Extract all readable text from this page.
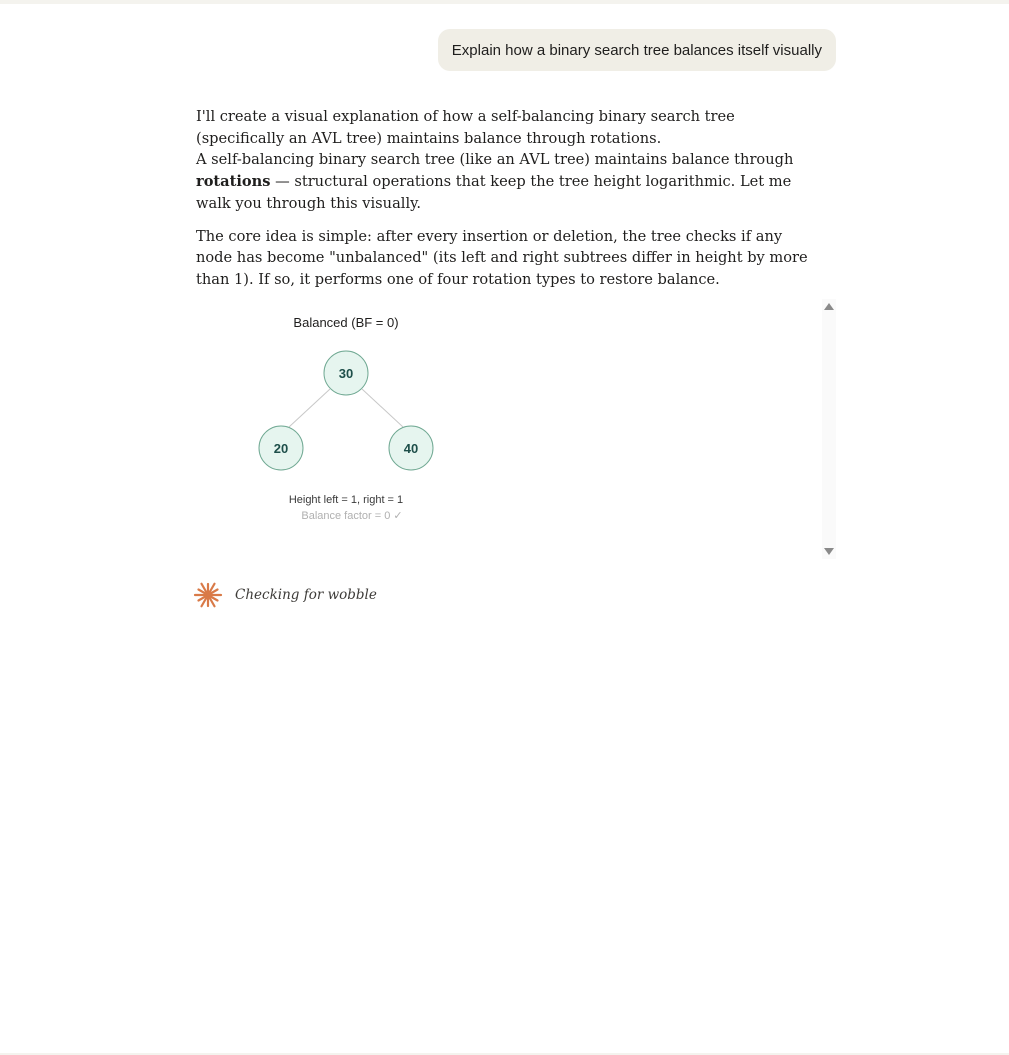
Explain how a binary search tree balances itself visually

I'll create a visual explanation of how a self-balancing binary search tree (specifically an AVL tree) maintains balance through rotations.

A self-balancing binary search tree (like an AVL tree) maintains balance through rotations — structural operations that keep the tree height logarithmic. Let me walk you through this visually.

The core idea is simple: after every insertion or deletion, the tree checks if any node has become "unbalanced" (its left and right subtrees differ in height by more than 1). If so, it performs one of four rotation types to restore balance.

Balanced (BF = 0)
30
20	40
Height left = 1, right = 1
Balance factor = 0 ✓
Checking for wobble
